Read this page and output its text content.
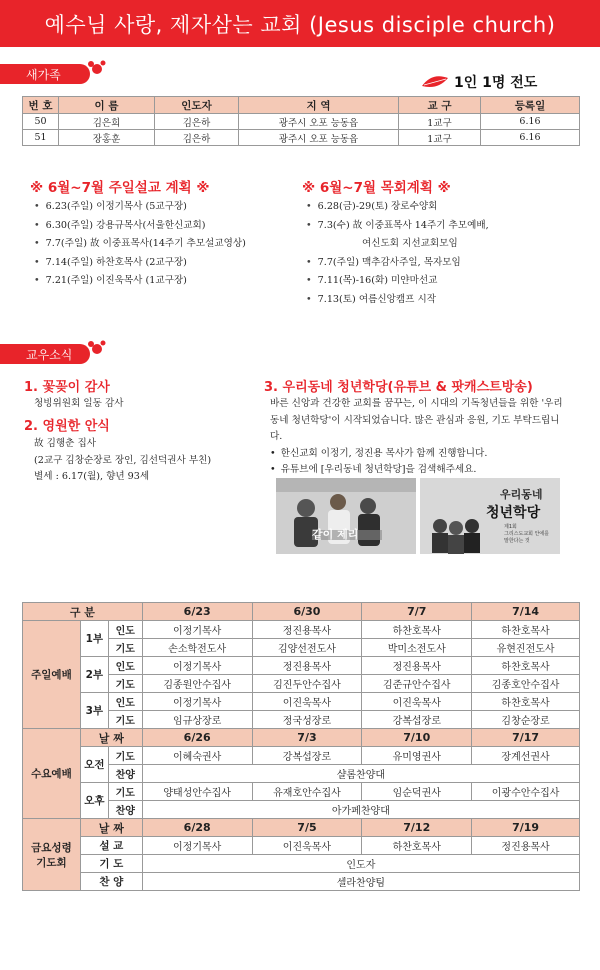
예수님 사랑, 제자삼는 교회 (Jesus disciple church)
새가족
1인 1명 전도
번 호	이 름	인도자	지 역	교 구	등록일
50	김은희	김은하	광주시 오포 능동읍	1교구	6.16
51	장홍훈	김은하	광주시 오포 능동읍	1교구	6.16
※ 6월~7월 주일설교 계획 ※
• 6.23(주일) 이정기목사 (5교구장)
• 6.30(주일) 강용규목사(서울한신교회)
• 7.7(주일) 故 이중표목사(14주기 추모설교영상)
• 7.14(주일) 하찬호목사 (2교구장)
• 7.21(주일) 이진욱목사 (1교구장)
※ 6월~7월 목회계획 ※
• 6.28(금)-29(토) 장로수양회
• 7.3(수) 故 이중표목사 14주기 추모예배,
여신도회 지선교회모임
• 7.7(주일) 맥추감사주일, 목자모임
• 7.11(목)-16(화) 미얀마선교
• 7.13(토) 여름신앙캠프 시작
교우소식
1. 꽃꽂이 감사
청빙위원회 일동 감사
2. 영원한 안식
故 김행춘 집사
(2교구 김창순장로 장인, 김선덕권사 부친)
별세 : 6.17(월), 향년 93세
3. 우리동네 청년학당(유튜브 & 팟캐스트방송)
바른 신앙과 건강한 교회를 꿈꾸는, 이 시대의 기독청년들을 위한 '우리동네 청년학당'이 시작되었습니다. 많은 관심과 응원, 기도 부탁드립니다.
• 한신교회 이정기, 정진용 목사가 함께 진행합니다.
• 유튜브에 [우리동네 청년학당]을 검색해주세요.
같이 제리
우리동네
청년학당
제1회
그리스도교회 안에를
말한다는 것
구 분			6/23	6/30	7/7	7/14
주일예배	1부	인도	이정기목사	정진용목사	하찬호목사	하찬호목사
		기도	손소학전도사	김양선전도사	박미소전도사	유현진전도사
	2부	인도	이정기목사	정진용목사	정진용목사	하찬호목사
		기도	김종원안수집사	김진두안수집사	김준규안수집사	김종호안수집사
	3부	인도	이정기목사	이진욱목사	이진욱목사	하찬호목사
		기도	임규상장로	정국성장로	강복섭장로	김창순장로
수요예배	날 짜		6/26	7/3	7/10	7/17
	오전	기도	이혜숙권사	강복섭장로	유미영권사	장계선권사
		찬양	샬롬찬양대			
	오후	기도	양태성안수집사	유재호안수집사	임순덕권사	이광수안수집사
		찬양	아가페찬양대			

금요성령
기도회	날 짜		6/28	7/5	7/12	7/19
	설 교		이정기목사	이진욱목사	하찬호목사	정진용목사
	기 도		인도자			
	찬 양		셀라찬양팀			
